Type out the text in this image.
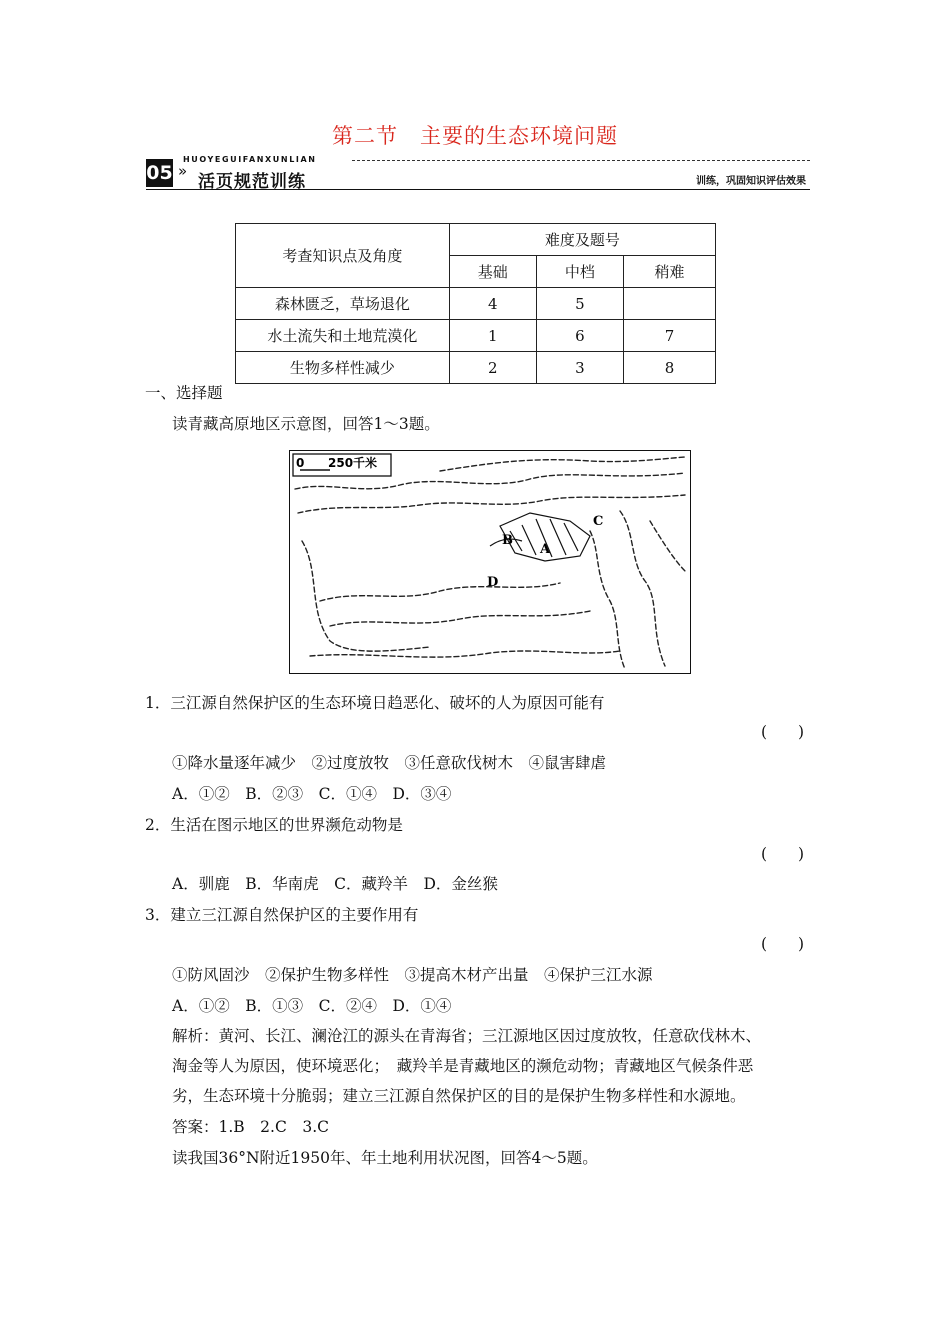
第二节　主要的生态环境问题
05
HUOYEGUIFANXUNLIAN
»
活页规范训练	训练，巩固知识评估效果
考查知识点及角度	难度及题号		
	基础	中档	稍难
森林匮乏，草场退化	4	5	
水土流失和土地荒漠化	1	6	7
生物多样性减少	2	3	8
一、选择题
读青藏高原地区示意图，回答1～3题。
0 250千米
A
B
C
D
1．三江源自然保护区的生态环境日趋恶化、破坏的人为原因可能有
(　　)
①降水量逐年减少　②过度放牧　③任意砍伐树木　④鼠害肆虐
A．①②　B．②③　C．①④　D．③④
2．生活在图示地区的世界濒危动物是
(　　)
A．驯鹿　B．华南虎　C．藏羚羊　D．金丝猴
3．建立三江源自然保护区的主要作用有
(　　)
①防风固沙　②保护生物多样性　③提高木材产出量　④保护三江水源
A．①②　B．①③　C．②④　D．①④
解析：黄河、长江、澜沧江的源头在青海省；三江源地区因过度放牧，任意砍伐林木、
淘金等人为原因，使环境恶化；　藏羚羊是青藏地区的濒危动物；青藏地区气候条件恶
劣，生态环境十分脆弱；建立三江源自然保护区的目的是保护生物多样性和水源地。
答案：1.B　2.C　3.C
读我国36°N附近1950年、年土地利用状况图，回答4～5题。
